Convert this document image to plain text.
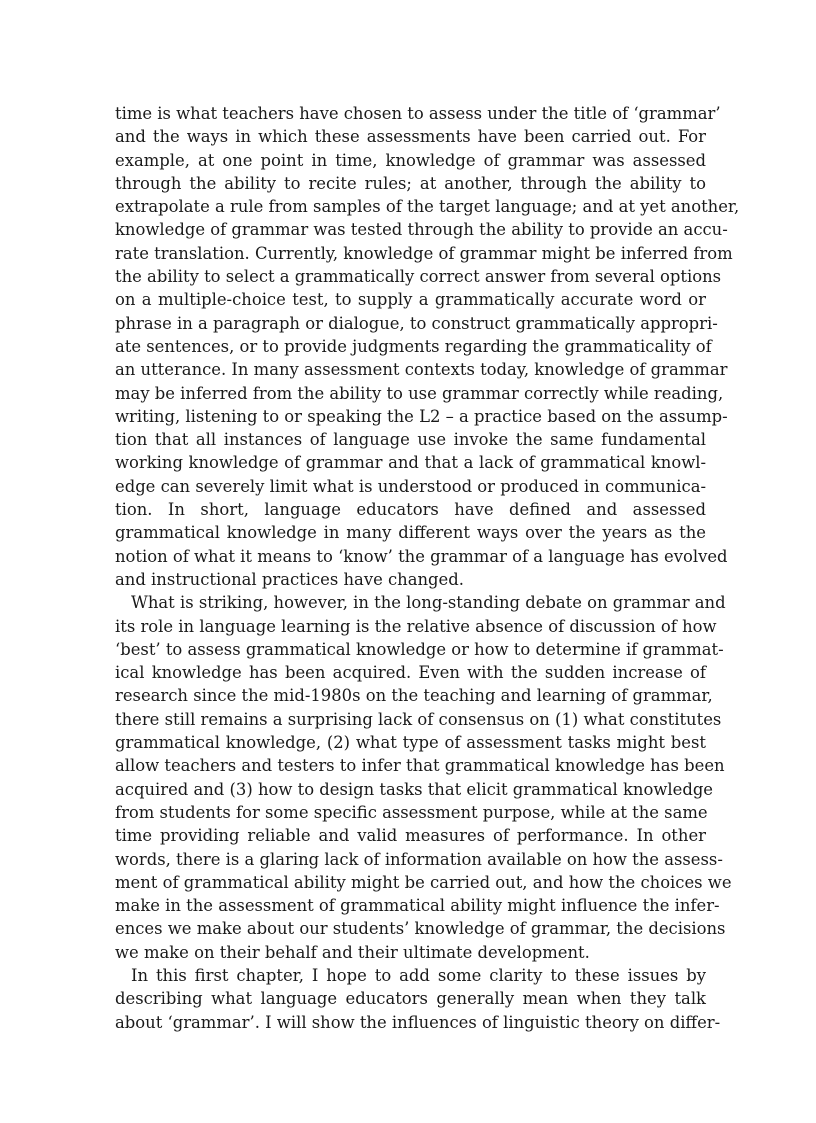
time is what teachers have chosen to assess under the title of ‘grammar’
and the ways in which these assessments have been carried out. For
example, at one point in time, knowledge of grammar was assessed
through the ability to recite rules; at another, through the ability to
extrapolate a rule from samples of the target language; and at yet another,
knowledge of grammar was tested through the ability to provide an accu-
rate translation. Currently, knowledge of grammar might be inferred from
the ability to select a grammatically correct answer from several options
on a multiple-choice test, to supply a grammatically accurate word or
phrase in a paragraph or dialogue, to construct grammatically appropri-
ate sentences, or to provide judgments regarding the grammaticality of
an utterance. In many assessment contexts today, knowledge of grammar
may be inferred from the ability to use grammar correctly while reading,
writing, listening to or speaking the L2 – a practice based on the assump-
tion that all instances of language use invoke the same fundamental
working knowledge of grammar and that a lack of grammatical knowl-
edge can severely limit what is understood or produced in communica-
tion. In short, language educators have defined and assessed
grammatical knowledge in many different ways over the years as the
notion of what it means to ‘know’ the grammar of a language has evolved
and instructional practices have changed.
What is striking, however, in the long-standing debate on grammar and
its role in language learning is the relative absence of discussion of how
‘best’ to assess grammatical knowledge or how to determine if grammat-
ical knowledge has been acquired. Even with the sudden increase of
research since the mid-1980s on the teaching and learning of grammar,
there still remains a surprising lack of consensus on (1) what constitutes
grammatical knowledge, (2) what type of assessment tasks might best
allow teachers and testers to infer that grammatical knowledge has been
acquired and (3) how to design tasks that elicit grammatical knowledge
from students for some specific assessment purpose, while at the same
time providing reliable and valid measures of performance. In other
words, there is a glaring lack of information available on how the assess-
ment of grammatical ability might be carried out, and how the choices we
make in the assessment of grammatical ability might influence the infer-
ences we make about our students’ knowledge of grammar, the decisions
we make on their behalf and their ultimate development.
In this first chapter, I hope to add some clarity to these issues by
describing what language educators generally mean when they talk
about ‘grammar’. I will show the influences of linguistic theory on differ-
